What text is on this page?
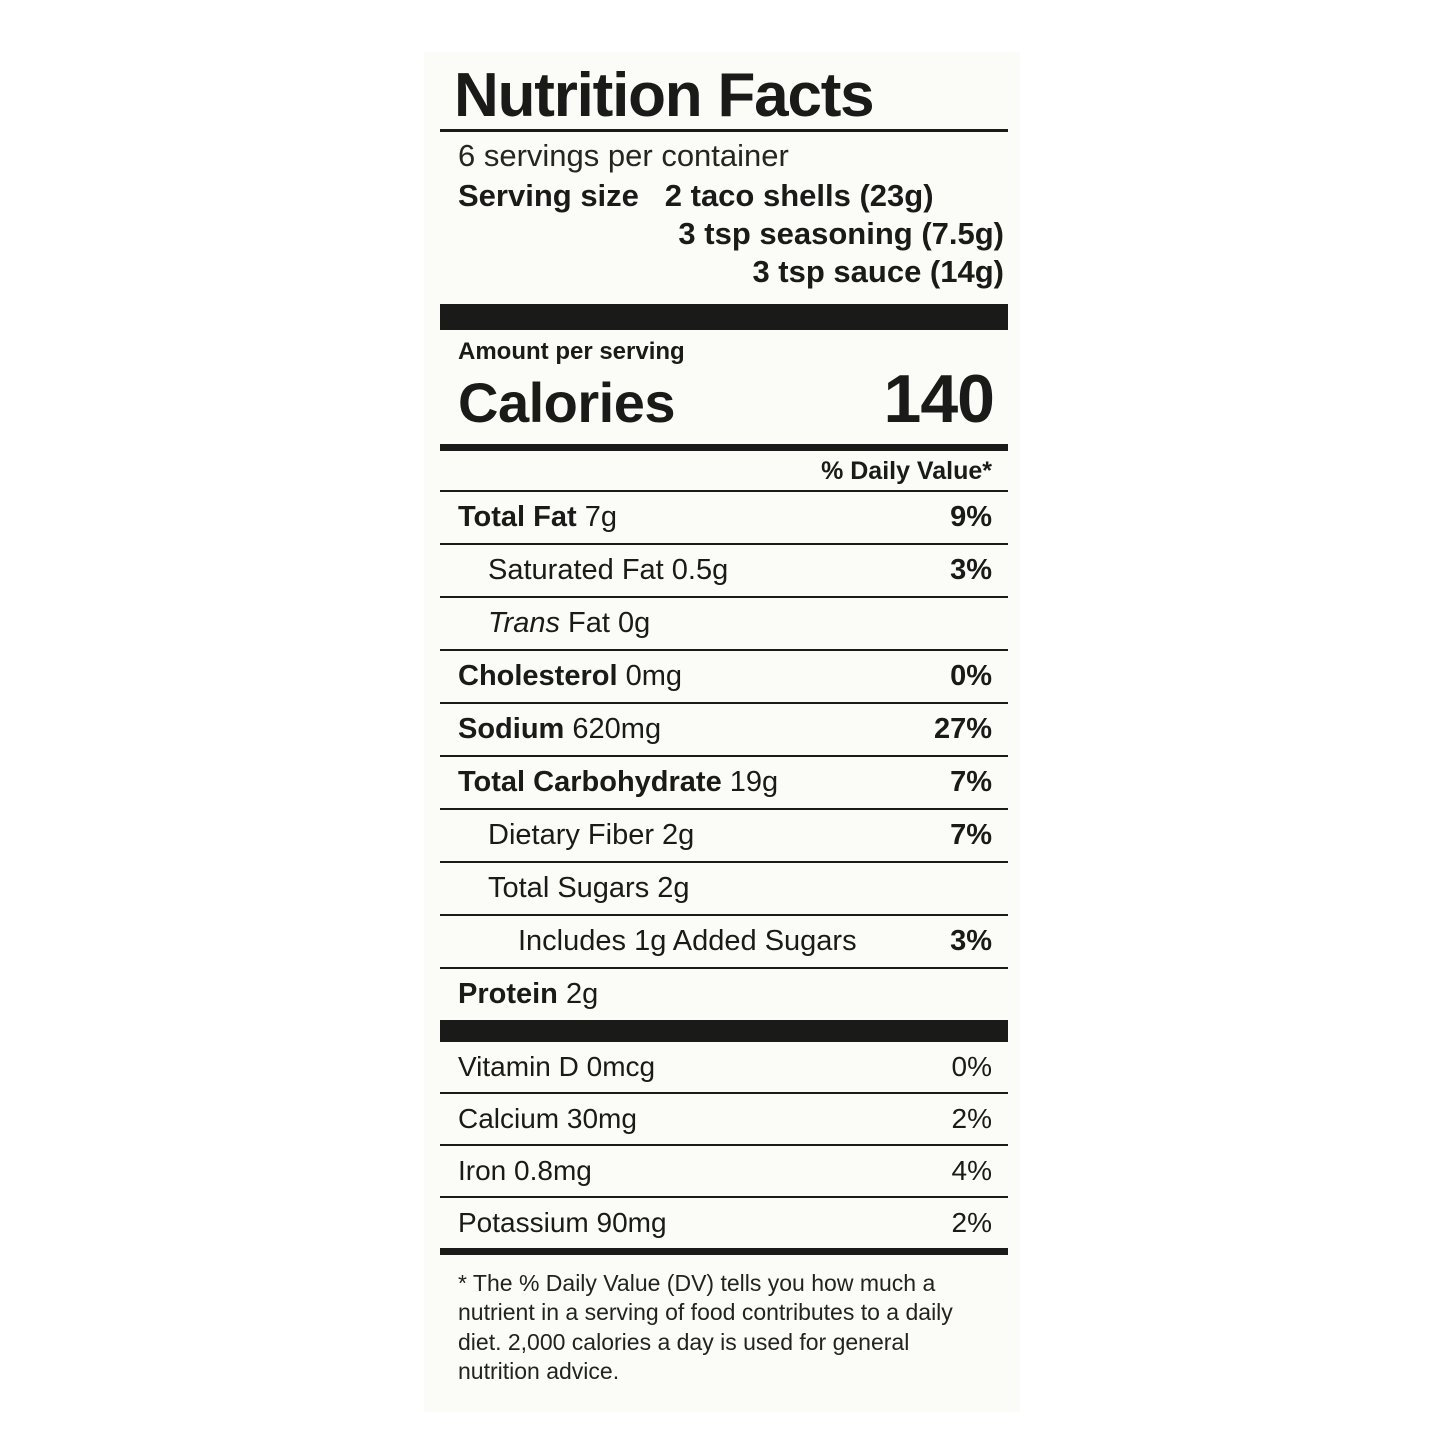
Nutrition Facts
6 servings per container
Serving size 2 taco shells (23g)
3 tsp seasoning (7.5g)
3 tsp sauce (14g)
Amount per serving
Calories	140
% Daily Value*
Total Fat 7g	9%
Saturated Fat 0.5g	3%
Trans Fat 0g
Cholesterol 0mg	0%
Sodium 620mg	27%
Total Carbohydrate 19g	7%
Dietary Fiber 2g	7%
Total Sugars 2g
Includes 1g Added Sugars	3%
Protein 2g
Vitamin D 0mcg	0%
Calcium 30mg	2%
Iron 0.8mg	4%
Potassium 90mg	2%
* The % Daily Value (DV) tells you how much a nutrient in a serving of food contributes to a daily diet. 2,000 calories a day is used for general nutrition advice.
